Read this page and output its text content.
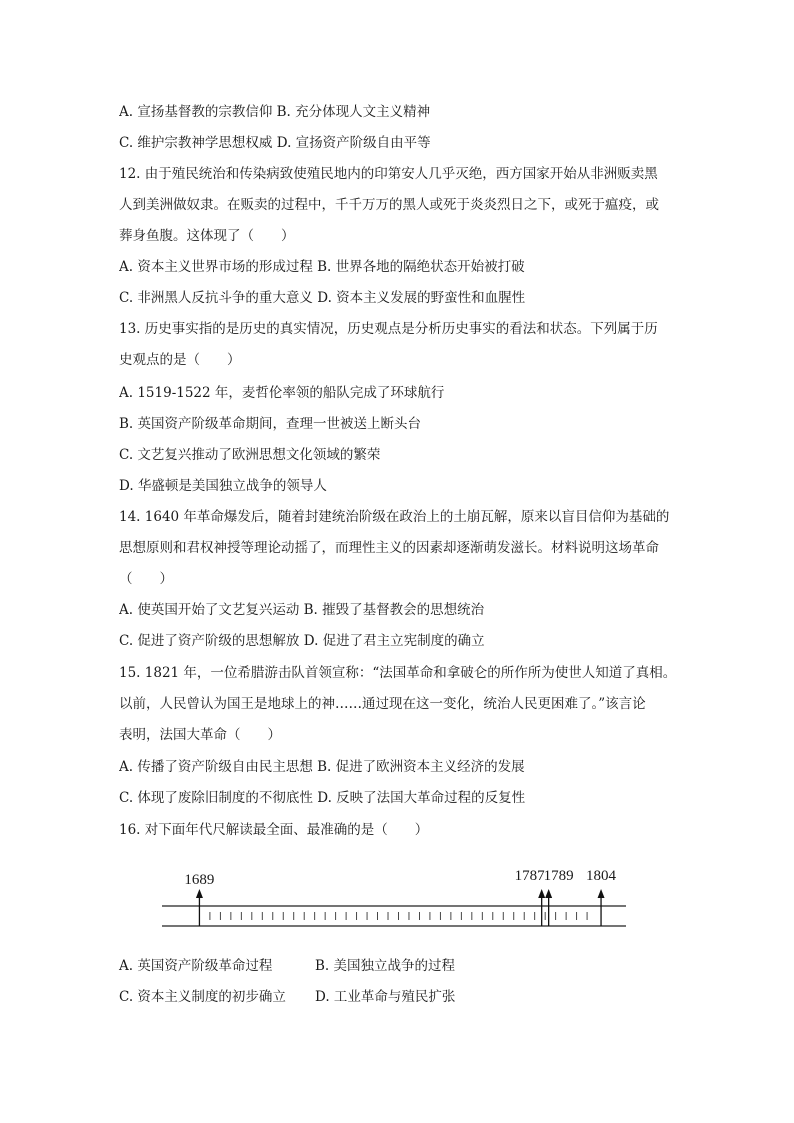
A. 宣扬基督教的宗教信仰 B. 充分体现人文主义精神
C. 维护宗教神学思想权威 D. 宣扬资产阶级自由平等
12. 由于殖民统治和传染病致使殖民地内的印第安人几乎灭绝，西方国家开始从非洲贩卖黑
人到美洲做奴隶。在贩卖的过程中，千千万万的黑人或死于炎炎烈日之下，或死于瘟疫，或
葬身鱼腹。这体现了（　　）
A. 资本主义世界市场的形成过程 B. 世界各地的隔绝状态开始被打破
C. 非洲黑人反抗斗争的重大意义 D. 资本主义发展的野蛮性和血腥性
13. 历史事实指的是历史的真实情况，历史观点是分析历史事实的看法和状态。下列属于历
史观点的是（　　）
A. 1519-1522 年，麦哲伦率领的船队完成了环球航行
B. 英国资产阶级革命期间，查理一世被送上断头台
C. 文艺复兴推动了欧洲思想文化领域的繁荣
D. 华盛顿是美国独立战争的领导人
14. 1640 年革命爆发后，随着封建统治阶级在政治上的土崩瓦解，原来以盲目信仰为基础的
思想原则和君权神授等理论动摇了，而理性主义的因素却逐渐萌发滋长。材料说明这场革命
（　　）
A. 使英国开始了文艺复兴运动 B. 摧毁了基督教会的思想统治
C. 促进了资产阶级的思想解放 D. 促进了君主立宪制度的确立
15. 1821 年，一位希腊游击队首领宣称：“法国革命和拿破仑的所作所为使世人知道了真相。
以前，人民曾认为国王是地球上的神……通过现在这一变化，统治人民更困难了。”该言论
表明，法国大革命（　　）
A. 传播了资产阶级自由民主思想 B. 促进了欧洲资本主义经济的发展
C. 体现了废除旧制度的不彻底性 D. 反映了法国大革命过程的反复性
16. 对下面年代尺解读最全面、最准确的是（　　）
1689	1787
1789 1804
A. 英国资产阶级革命过程	B. 美国独立战争的过程
C. 资本主义制度的初步确立 D. 工业革命与殖民扩张
